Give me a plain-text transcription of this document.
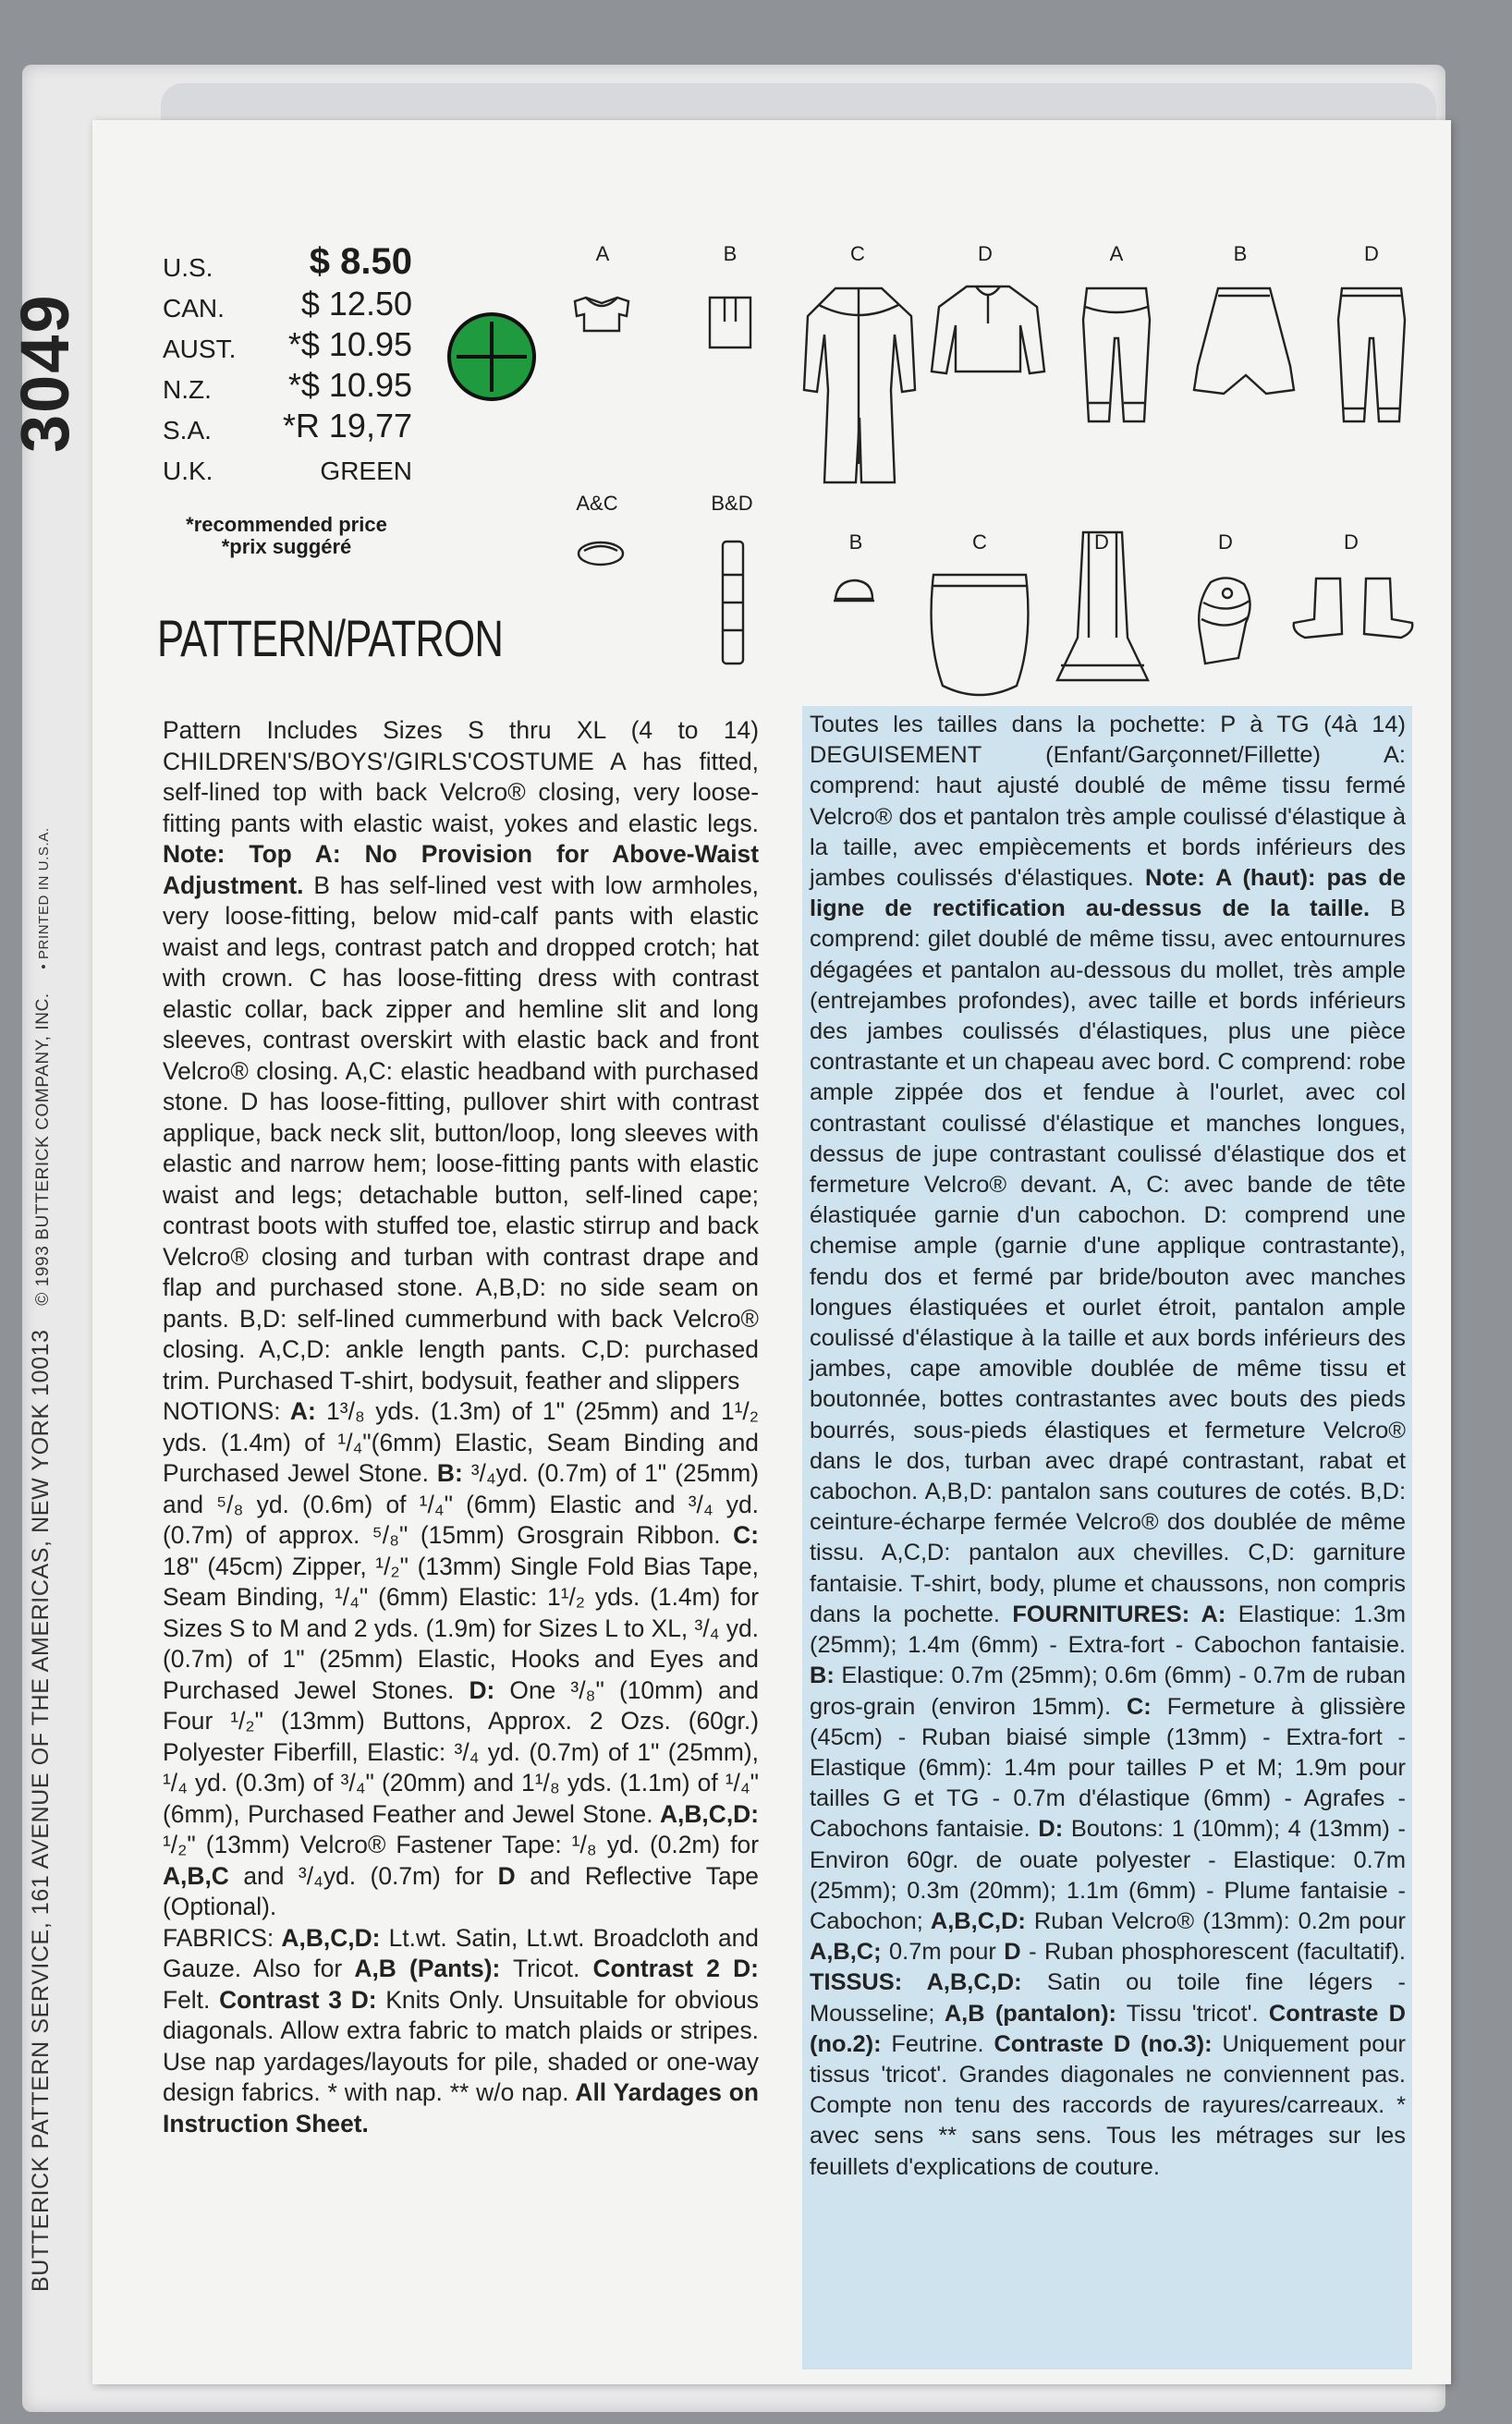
3049
BUTTERICK PATTERN SERVICE, 161 AVENUE OF THE AMERICAS, NEW YORK 10013 © 1993 BUTTERICK COMPANY, INC. • PRINTED IN U.S.A.
U.S.	$ 8.50
CAN. $ 12.50
AUST. *$ 10.95
N.Z. *$ 10.95
S.A. *R 19,77
U.K.	GREEN
*recommended price
*prix suggéré
PATTERN/PATRON
A	B	C	D	A	B	D
A&C	B&D
B	C	D	D	D
Pattern Includes Sizes S thru XL (4 to 14) CHILDREN'S/BOYS'/GIRLS'COSTUME A has fitted, self-lined top with back Velcro® closing, very loose-fitting pants with elastic waist, yokes and elastic legs. Note: Top A: No Provision for Above-Waist Adjustment. B has self-lined vest with low armholes, very loose-fitting, below mid-calf pants with elastic waist and legs, contrast patch and dropped crotch; hat with crown. C has loose-fitting dress with contrast elastic collar, back zipper and hemline slit and long sleeves, contrast overskirt with elastic back and front Velcro® closing. A,C: elastic headband with purchased stone. D has loose-fitting, pullover shirt with contrast applique, back neck slit, button/loop, long sleeves with elastic and narrow hem; loose-fitting pants with elastic waist and legs; detachable button, self-lined cape; contrast boots with stuffed toe, elastic stirrup and back Velcro® closing and turban with contrast drape and flap and purchased stone. A,B,D: no side seam on pants. B,D: self-lined cummerbund with back Velcro® closing. A,C,D: ankle length pants. C,D: purchased trim. Purchased T-shirt, bodysuit, feather and slippers
NOTIONS: A: 1³/₈ yds. (1.3m) of 1" (25mm) and 1¹/₂ yds. (1.4m) of ¹/₄"(6mm) Elastic, Seam Binding and Purchased Jewel Stone. B: ³/₄yd. (0.7m) of 1" (25mm) and ⁵/₈ yd. (0.6m) of ¹/₄" (6mm) Elastic and ³/₄ yd. (0.7m) of approx. ⁵/₈" (15mm) Grosgrain Ribbon. C: 18" (45cm) Zipper, ¹/₂" (13mm) Single Fold Bias Tape, Seam Binding, ¹/₄" (6mm) Elastic: 1¹/₂ yds. (1.4m) for Sizes S to M and 2 yds. (1.9m) for Sizes L to XL, ³/₄ yd. (0.7m) of 1" (25mm) Elastic, Hooks and Eyes and Purchased Jewel Stones. D: One ³/₈" (10mm) and Four ¹/₂" (13mm) Buttons, Approx. 2 Ozs. (60gr.) Polyester Fiberfill, Elastic: ³/₄ yd. (0.7m) of 1" (25mm), ¹/₄ yd. (0.3m) of ³/₄" (20mm) and 1¹/₈ yds. (1.1m) of ¹/₄" (6mm), Purchased Feather and Jewel Stone. A,B,C,D: ¹/₂" (13mm) Velcro® Fastener Tape: ¹/₈ yd. (0.2m) for A,B,C and ³/₄yd. (0.7m) for D and Reflective Tape (Optional).
FABRICS: A,B,C,D: Lt.wt. Satin, Lt.wt. Broadcloth and Gauze. Also for A,B (Pants): Tricot. Contrast 2 D: Felt. Contrast 3 D: Knits Only. Unsuitable for obvious diagonals. Allow extra fabric to match plaids or stripes. Use nap yardages/layouts for pile, shaded or one-way design fabrics. * with nap. ** w/o nap. All Yardages on Instruction Sheet.
Toutes les tailles dans la pochette: P à TG (4à 14) DEGUISEMENT (Enfant/Garçonnet/Fillette) A: comprend: haut ajusté doublé de même tissu fermé Velcro® dos et pantalon très ample coulissé d'élastique à la taille, avec empiècements et bords inférieurs des jambes coulissés d'élastiques. Note: A (haut): pas de ligne de rectification au-dessus de la taille. B comprend: gilet doublé de même tissu, avec entournures dégagées et pantalon au-dessous du mollet, très ample (entrejambes profondes), avec taille et bords inférieurs des jambes coulissés d'élastiques, plus une pièce contrastante et un chapeau avec bord. C comprend: robe ample zippée dos et fendue à l'ourlet, avec col contrastant coulissé d'élastique et manches longues, dessus de jupe contrastant coulissé d'élastique dos et fermeture Velcro® devant. A, C: avec bande de tête élastiquée garnie d'un cabochon. D: comprend une chemise ample (garnie d'une applique contrastante), fendu dos et fermé par bride/bouton avec manches longues élastiquées et ourlet étroit, pantalon ample coulissé d'élastique à la taille et aux bords inférieurs des jambes, cape amovible doublée de même tissu et boutonnée, bottes contrastantes avec bouts des pieds bourrés, sous-pieds élastiques et fermeture Velcro® dans le dos, turban avec drapé contrastant, rabat et cabochon. A,B,D: pantalon sans coutures de cotés. B,D: ceinture-écharpe fermée Velcro® dos doublée de même tissu. A,C,D: pantalon aux chevilles. C,D: garniture fantaisie. T-shirt, body, plume et chaussons, non compris dans la pochette. FOURNITURES: A: Elastique: 1.3m (25mm); 1.4m (6mm) - Extra-fort - Cabochon fantaisie. B: Elastique: 0.7m (25mm); 0.6m (6mm) - 0.7m de ruban gros-grain (environ 15mm). C: Fermeture à glissière (45cm) - Ruban biaisé simple (13mm) - Extra-fort - Elastique (6mm): 1.4m pour tailles P et M; 1.9m pour tailles G et TG - 0.7m d'élastique (6mm) - Agrafes - Cabochons fantaisie. D: Boutons: 1 (10mm); 4 (13mm) - Environ 60gr. de ouate polyester - Elastique: 0.7m (25mm); 0.3m (20mm); 1.1m (6mm) - Plume fantaisie - Cabochon; A,B,C,D: Ruban Velcro® (13mm): 0.2m pour A,B,C; 0.7m pour D - Ruban phosphorescent (facultatif). TISSUS: A,B,C,D: Satin ou toile fine légers - Mousseline; A,B (pantalon): Tissu 'tricot'. Contraste D (no.2): Feutrine. Contraste D (no.3): Uniquement pour tissus 'tricot'. Grandes diagonales ne conviennent pas. Compte non tenu des raccords de rayures/carreaux. * avec sens ** sans sens. Tous les métrages sur les feuillets d'explications de couture.
